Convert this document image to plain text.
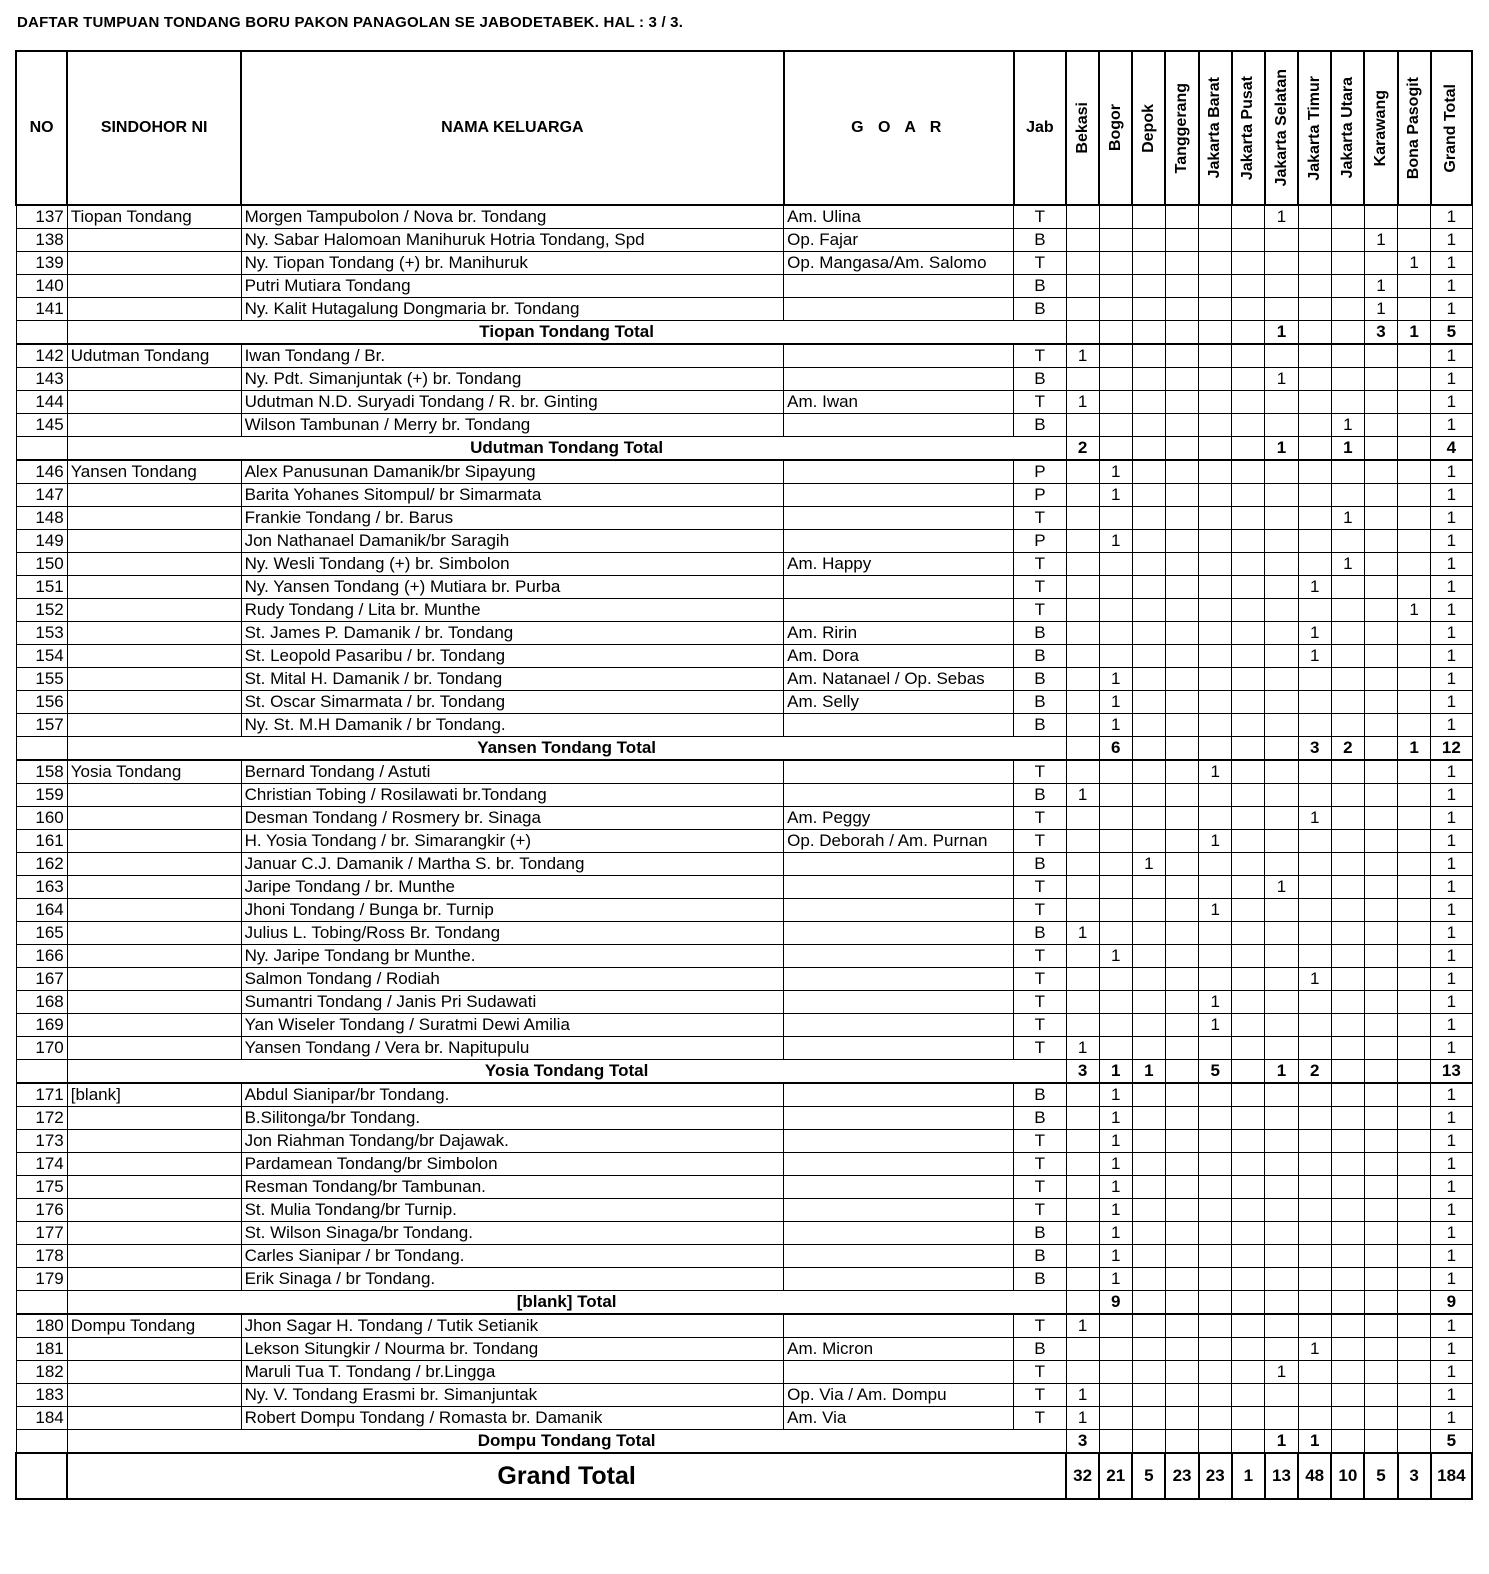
DAFTAR TUMPUAN TONDANG BORU PAKON PANAGOLAN SE JABODETABEK. HAL : 3 / 3.
NO	SINDOHOR NI	NAMA KELUARGA	G O A R	Jab	Bekasi	Bogor	Depok	Tanggerang	Jakarta Barat	Jakarta Pusat	Jakarta Selatan	Jakarta Timur	Jakarta Utara	Karawang	Bona Pasogit	Grand Total

137	Tiopan Tondang	Morgen Tampubolon / Nova br. Tondang	Am. Ulina	T							1					1
138		Ny. Sabar Halomoan Manihuruk Hotria Tondang, Spd	Op. Fajar	B										1		1
139		Ny. Tiopan Tondang (+) br. Manihuruk	Op. Mangasa/Am. Salomo	T											1	1
140		Putri Mutiara Tondang		B										1		1
141		Ny. Kalit Hutagalung Dongmaria br. Tondang		B										1		1
	Tiopan Tondang Total										1			3	1	5
142	Udutman Tondang	Iwan Tondang / Br.		T	1											1
143		Ny. Pdt. Simanjuntak (+) br. Tondang		B							1					1
144		Udutman N.D. Suryadi Tondang / R. br. Ginting	Am. Iwan	T	1											1
145		Wilson Tambunan / Merry br. Tondang		B									1			1
	Udutman Tondang Total				2						1		1			4
146	Yansen Tondang	Alex Panusunan Damanik/br Sipayung		P		1										1
147		Barita Yohanes Sitompul/ br Simarmata		P		1										1
148		Frankie Tondang / br. Barus		T									1			1
149		Jon Nathanael Damanik/br Saragih		P		1										1
150		Ny. Wesli Tondang (+) br. Simbolon	Am. Happy	T									1			1
151		Ny. Yansen Tondang (+) Mutiara br. Purba		T								1				1
152		Rudy Tondang / Lita br. Munthe		T											1	1
153		St. James P. Damanik / br. Tondang	Am. Ririn	B								1				1
154		St. Leopold Pasaribu / br. Tondang	Am. Dora	B								1				1
155		St. Mital H. Damanik / br. Tondang	Am. Natanael / Op. Sebas	B		1										1
156		St. Oscar Simarmata / br. Tondang	Am. Selly	B		1										1
157		Ny. St. M.H Damanik / br Tondang.		B		1										1
	Yansen Tondang Total					6						3	2		1	12
158	Yosia Tondang	Bernard Tondang / Astuti		T					1							1
159		Christian Tobing / Rosilawati br.Tondang		B	1											1
160		Desman Tondang / Rosmery br. Sinaga	Am. Peggy	T								1				1
161		H. Yosia Tondang / br. Simarangkir (+)	Op. Deborah / Am. Purnan	T					1							1
162		Januar C.J. Damanik / Martha S. br. Tondang		B			1									1
163		Jaripe Tondang / br. Munthe		T							1					1
164		Jhoni Tondang / Bunga br. Turnip		T					1							1
165		Julius L. Tobing/Ross Br. Tondang		B	1											1
166		Ny. Jaripe Tondang br Munthe.		T		1										1
167		Salmon Tondang / Rodiah		T								1				1
168		Sumantri Tondang / Janis Pri Sudawati		T					1							1
169		Yan Wiseler Tondang / Suratmi Dewi Amilia		T					1							1
170		Yansen Tondang / Vera br. Napitupulu		T	1											1
	Yosia Tondang Total				3	1	1		5		1	2				13
171	[blank]	Abdul Sianipar/br Tondang.		B		1										1
172		B.Silitonga/br Tondang.		B		1										1
173		Jon Riahman Tondang/br Dajawak.		T		1										1
174		Pardamean Tondang/br Simbolon		T		1										1
175		Resman Tondang/br Tambunan.		T		1										1
176		St. Mulia Tondang/br Turnip.		T		1										1
177		St. Wilson Sinaga/br Tondang.		B		1										1
178		Carles Sianipar / br Tondang.		B		1										1
179		Erik Sinaga / br Tondang.		B		1										1
	[blank] Total					9										9
180	Dompu Tondang	Jhon Sagar H. Tondang / Tutik Setianik		T	1											1
181		Lekson Situngkir / Nourma br. Tondang	Am. Micron	B								1				1
182		Maruli Tua T. Tondang / br.Lingga		T							1					1
183		Ny. V. Tondang Erasmi br. Simanjuntak	Op. Via / Am. Dompu	T	1											1
184		Robert Dompu Tondang / Romasta br. Damanik	Am. Via	T	1											1
	Dompu Tondang Total				3						1	1				5
	Grand Total				32	21	5	23	23	1	13	48	10	5	3	184
